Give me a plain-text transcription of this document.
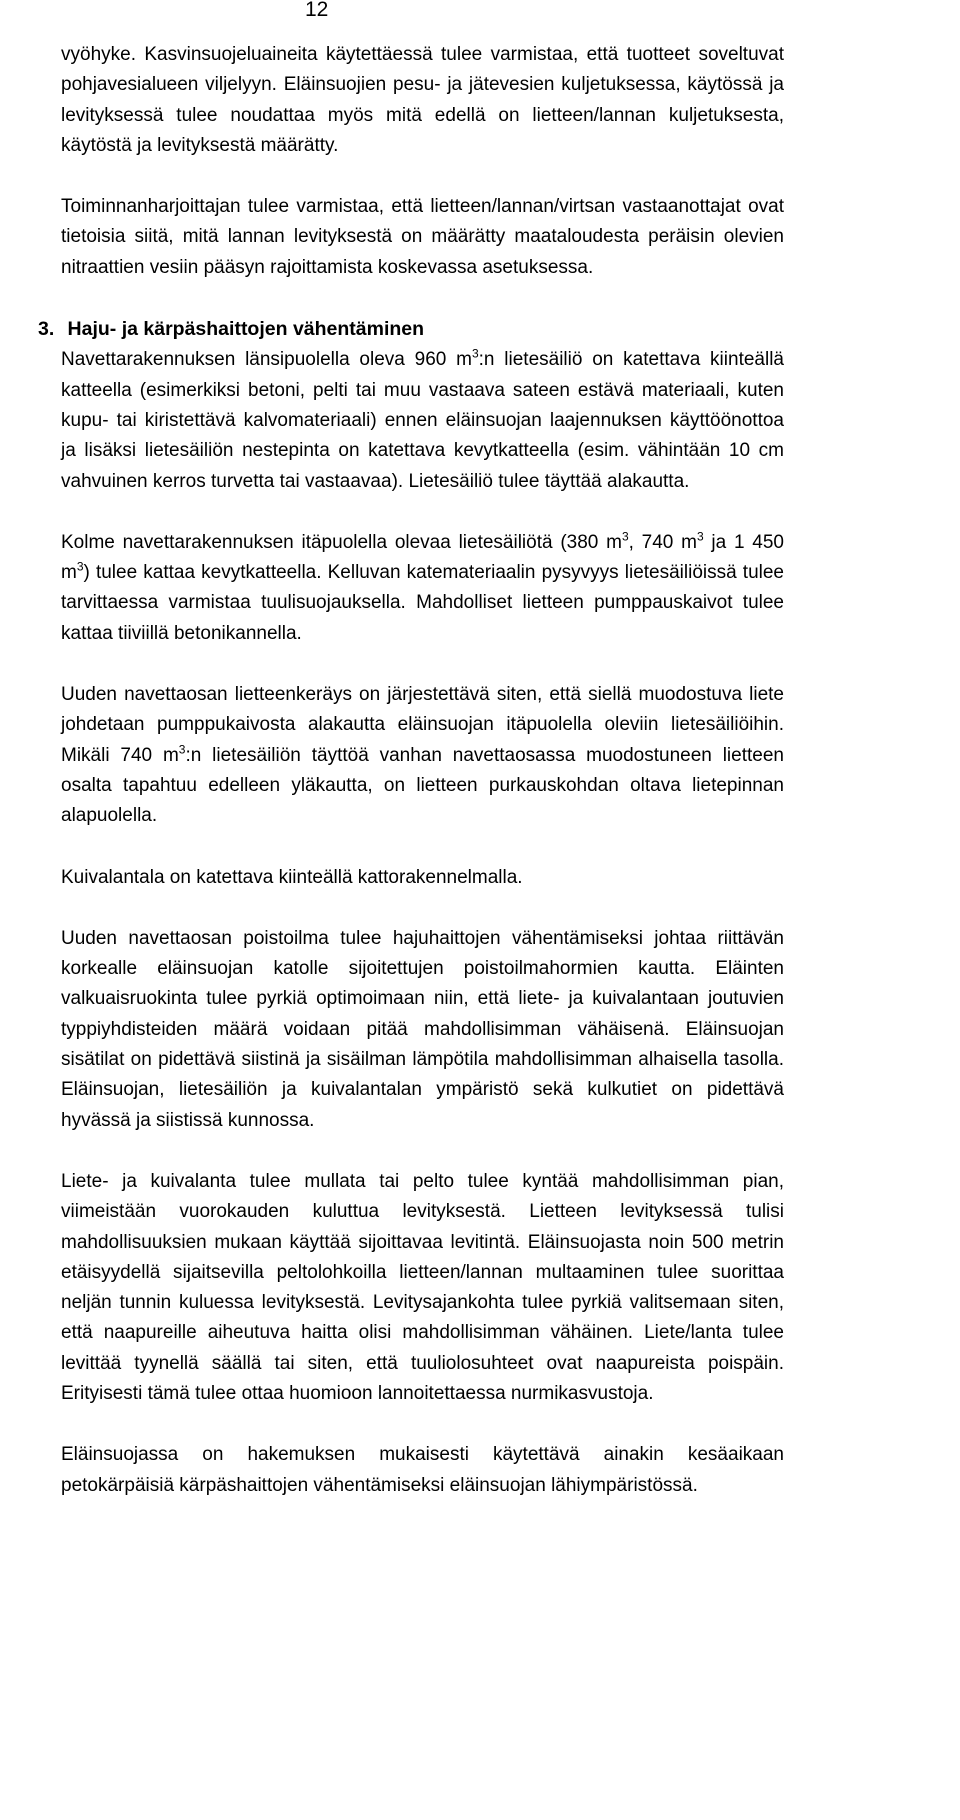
12

vyöhyke. Kasvinsuojeluaineita käytettäessä tulee varmistaa, että tuotteet soveltuvat pohjavesialueen viljelyyn. Eläinsuojien pesu- ja jätevesien kuljetuksessa, käytössä ja levityksessä tulee noudattaa myös mitä edellä on lietteen/lannan kuljetuksesta, käytöstä ja levityksestä määrätty.

Toiminnanharjoittajan tulee varmistaa, että lietteen/lannan/virtsan vastaanottajat ovat tietoisia siitä, mitä lannan levityksestä on määrätty maataloudesta peräisin olevien nitraattien vesiin pääsyn rajoittamista koskevassa asetuksessa.

3. Haju- ja kärpäshaittojen vähentäminen

Navettarakennuksen länsipuolella oleva 960 $m^3:n$ lietesäiliö on katettava kiinteällä katteella (esimerkiksi betoni, pelti tai muu vastaava sateen estävä materiaali, kuten kupu- tai kiristettävä kalvomateriaali) ennen eläinsuojan laajennuksen käyttöönottoa ja lisäksi lietesäiliön nestepinta on katettava kevytkatteella (esim. vähintään 10 cm vahvuinen kerros turvetta tai vastaavaa). Lietesäiliö tulee täyttää alakautta.

Kolme navettarakennuksen itäpuolella olevaa lietesäiliötä (380 $m^3$, 740 $m^3$ ja 1 450 $m^3$) tulee kattaa kevytkatteella. Kelluvan katemateriaalin pysyvyys lietesäiliöissä tulee tarvittaessa varmistaa tuulisuojauksella. Mahdolliset lietteen pumppauskaivot tulee kattaa tiiviillä betonikannella.

Uuden navettaosan lietteenkeräys on järjestettävä siten, että siellä muodostuva liete johdetaan pumppukaivosta alakautta eläinsuojan itäpuolella oleviin lietesäiliöihin. Mikäli 740 $m^3:n$ lietesäiliön täyttöä vanhan navettaosassa muodostuneen lietteen osalta tapahtuu edelleen yläkautta, on lietteen purkauskohdan oltava lietepinnan alapuolella.

Kuivalantala on katettava kiinteällä kattorakennelmalla.

Uuden navettaosan poistoilma tulee hajuhaittojen vähentämiseksi johtaa riittävän korkealle eläinsuojan katolle sijoitettujen poistoilmahormien kautta. Eläinten valkuaisruokinta tulee pyrkiä optimoimaan niin, että liete- ja kuivalantaan joutuvien typpiyhdisteiden määrä voidaan pitää mahdollisimman vähäisenä. Eläinsuojan sisätilat on pidettävä siistinä ja sisäilman lämpötila mahdollisimman alhaisella tasolla. Eläinsuojan, lietesäiliön ja kuivalantalan ympäristö sekä kulkutiet on pidettävä hyvässä ja siistissä kunnossa.

Liete- ja kuivalanta tulee mullata tai pelto tulee kyntää mahdollisimman pian, viimeistään vuorokauden kuluttua levityksestä. Lietteen levityksessä tulisi mahdollisuuksien mukaan käyttää sijoittavaa levitintä. Eläinsuojasta noin 500 metrin etäisyydellä sijaitsevilla peltolohkoilla lietteen/lannan multaaminen tulee suorittaa neljän tunnin kuluessa levityksestä. Levitysajankohta tulee pyrkiä valitsemaan siten, että naapureille aiheutuva haitta olisi mahdollisimman vähäinen. Liete/lanta tulee levittää tyynellä säällä tai siten, että tuuliolosuhteet ovat naapureista poispäin. Erityisesti tämä tulee ottaa huomioon lannoitettaessa nurmikasvustoja.

Eläinsuojassa on hakemuksen mukaisesti käytettävä ainakin kesäaikaan petokärpäisiä kärpäshaittojen vähentämiseksi eläinsuojan lähiympäristössä.
